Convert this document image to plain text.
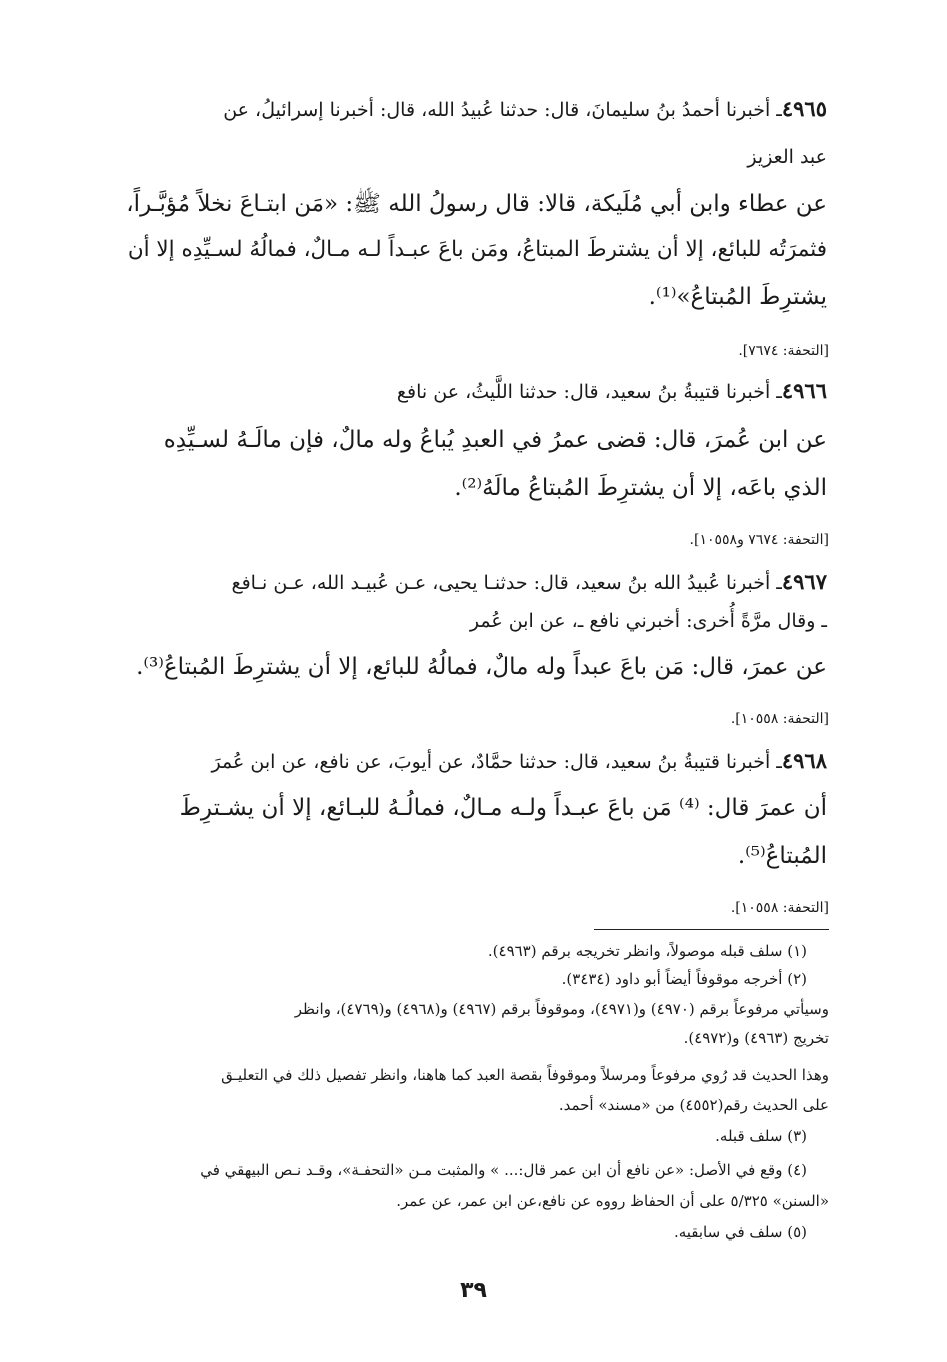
٤٩٦٥ـ أخبرنا أحمدُ بنُ سليمانَ، قال: حدثنا عُبيدُ الله، قال: أخبرنا إسرائيلُ، عن
عبد العزيز
عن عطاء وابن أبي مُلَيكة، قالا: قال رسولُ الله ﷺ: «مَن ابتـاعَ نخلاً مُؤبَّـراً،
فثمرَتُه للبائع، إلا أن يشترطَ المبتاعُ، ومَن باعَ عبـداً لـه مـالٌ، فمالُهُ لسـيِّدِه إلا أن
يشترِطَ المُبتاعُ»⁽¹⁾.
[التحفة: ٧٦٧٤].
٤٩٦٦ـ أخبرنا قتيبةُ بنُ سعيد، قال: حدثنا اللَّيثُ، عن نافع
عن ابن عُمرَ، قال: قضى عمرُ في العبدِ يُباعُ وله مالٌ، فإن مالَـهُ لسـيِّدِه
الذي باعَه، إلا أن يشترِطَ المُبتاعُ مالَهُ⁽²⁾.
[التحفة: ٧٦٧٤ و١٠٥٥٨].
٤٩٦٧ـ أخبرنا عُبيدُ الله بنُ سعيد، قال: حدثنـا يحيى، عـن عُبيـد الله، عـن نـافع
ـ وقال مرَّةً أُخرى: أخبرني نافع ـ، عن ابن عُمر
عن عمرَ، قال: مَن باعَ عبداً وله مالٌ، فمالُهُ للبائع، إلا أن يشترِطَ المُبتاعُ⁽³⁾.
[التحفة: ١٠٥٥٨].
٤٩٦٨ـ أخبرنا قتيبةُ بنُ سعيد، قال: حدثنا حمَّادٌ، عن أيوبَ، عن نافع، عن ابن عُمرَ
أن عمرَ قال: ⁽⁴⁾ مَن باعَ عبـداً ولـه مـالٌ، فمالُـهُ للبـائع، إلا أن يشـترِطَ
المُبتاعُ⁽⁵⁾.
[التحفة: ١٠٥٥٨].
(١) سلف قبله موصولاً، وانظر تخريجه برقم (٤٩٦٣).
(٢) أخرجه موقوفاً أيضاً أبو داود (٣٤٣٤).
وسيأتي مرفوعاً برقم (٤٩٧٠) و(٤٩٧١)، وموقوفاً برقم (٤٩٦٧) و(٤٩٦٨) و(٤٧٦٩)، وانظر
تخريج (٤٩٦٣) و(٤٩٧٢).
وهذا الحديث قد رُوي مرفوعاً ومرسلاً وموقوفاً بقصة العبد كما هاهنا، وانظر تفصيل ذلك في التعليـق
على الحديث رقم(٤٥٥٢) من «مسند» أحمد.
(٣) سلف قبله.
(٤) وقع في الأصل: «عن نافع أن ابن عمر قال:... » والمثبت مـن «التحفـة»، وقـد نـص البيهقي في
«السنن» ٥/٣٢٥ على أن الحفاظ رووه عن نافع،عن ابن عمر، عن عمر.
(٥) سلف في سابقيه.
٣٩
